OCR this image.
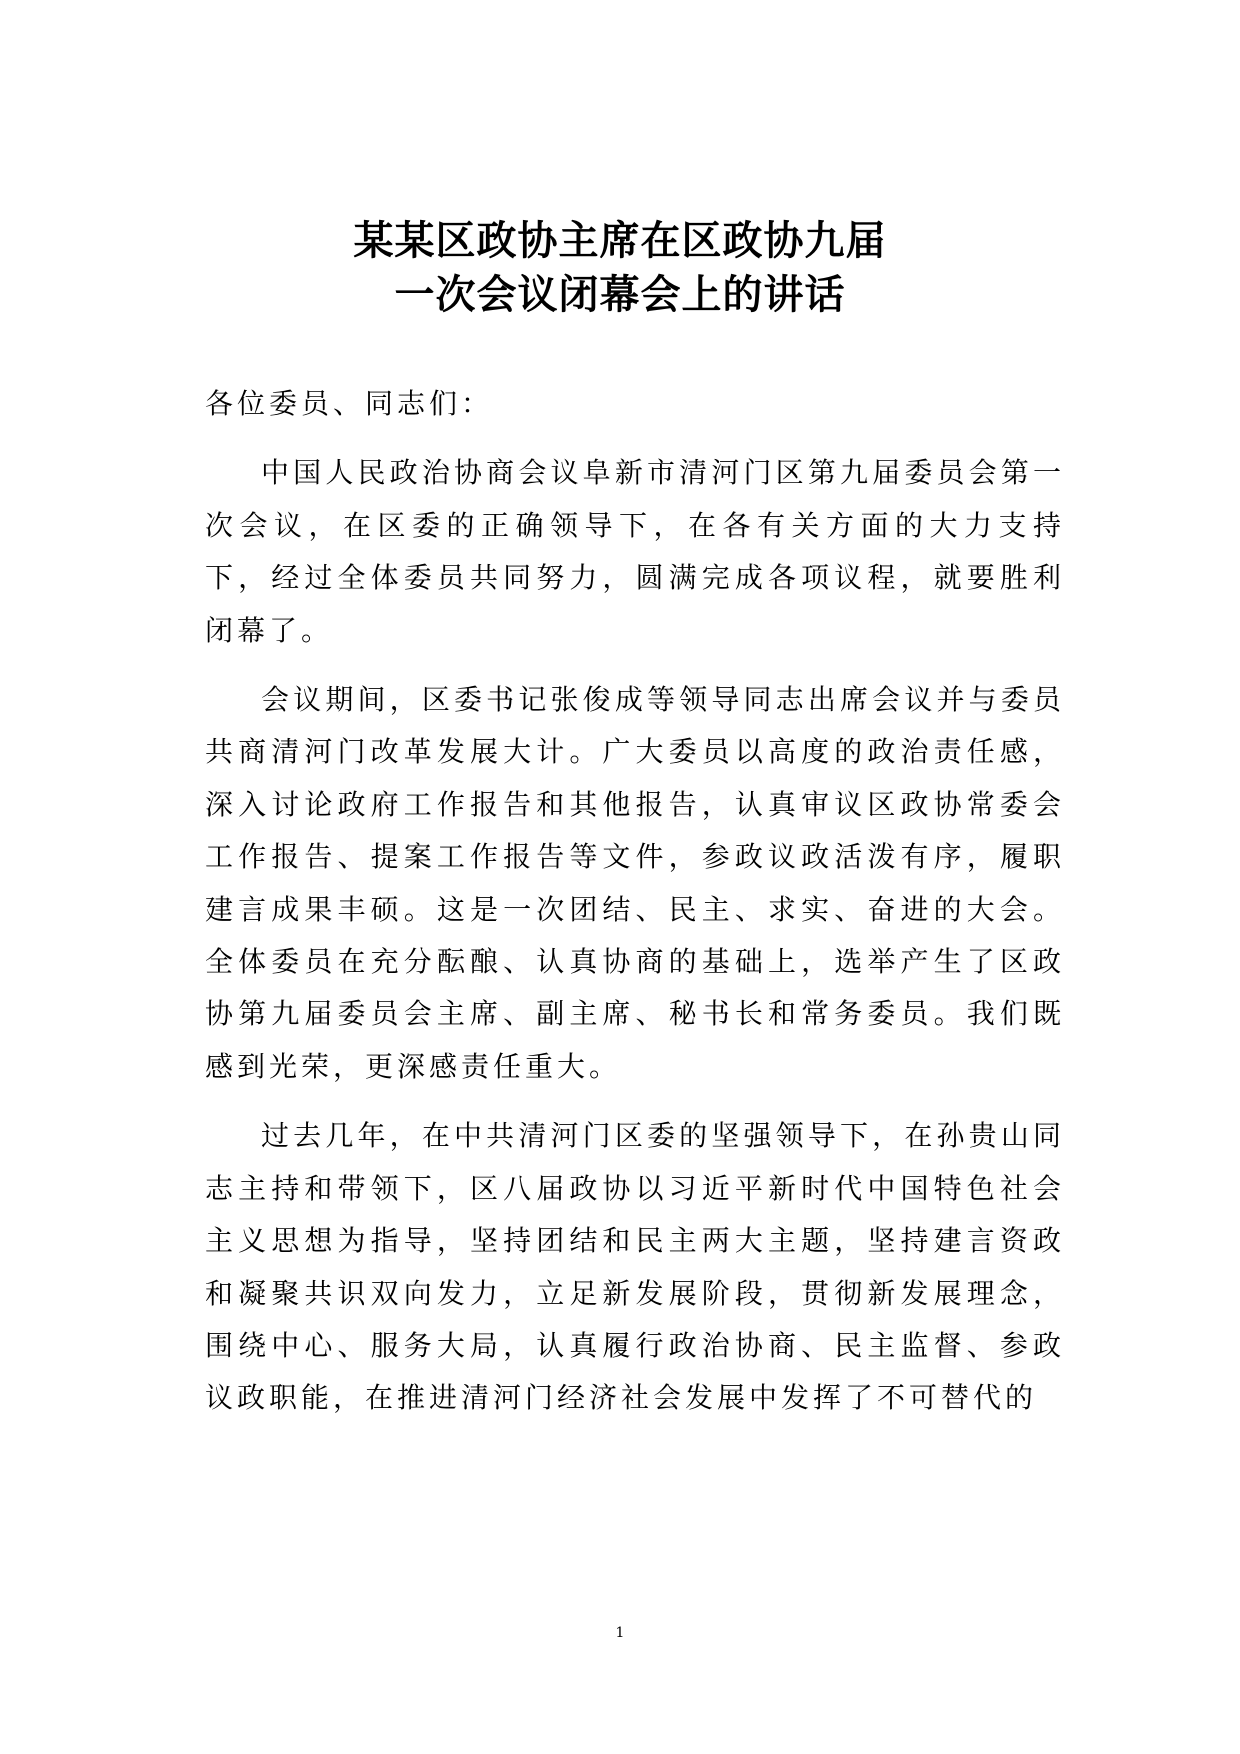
某某区政协主席在区政协九届
一次会议闭幕会上的讲话

各位委员、同志们：

中国人民政治协商会议阜新市清河门区第九届委员会第一次会议，在区委的正确领导下，在各有关方面的大力支持下，经过全体委员共同努力，圆满完成各项议程，就要胜利闭幕了。

会议期间，区委书记张俊成等领导同志出席会议并与委员共商清河门改革发展大计。广大委员以高度的政治责任感，深入讨论政府工作报告和其他报告，认真审议区政协常委会工作报告、提案工作报告等文件，参政议政活泼有序，履职建言成果丰硕。这是一次团结、民主、求实、奋进的大会。全体委员在充分酝酿、认真协商的基础上，选举产生了区政协第九届委员会主席、副主席、秘书长和常务委员。我们既感到光荣，更深感责任重大。

过去几年，在中共清河门区委的坚强领导下，在孙贵山同志主持和带领下，区八届政协以习近平新时代中国特色社会主义思想为指导，坚持团结和民主两大主题，坚持建言资政和凝聚共识双向发力，立足新发展阶段，贯彻新发展理念，围绕中心、服务大局，认真履行政治协商、民主监督、参政议政职能，在推进清河门经济社会发展中发挥了不可替代的

1
